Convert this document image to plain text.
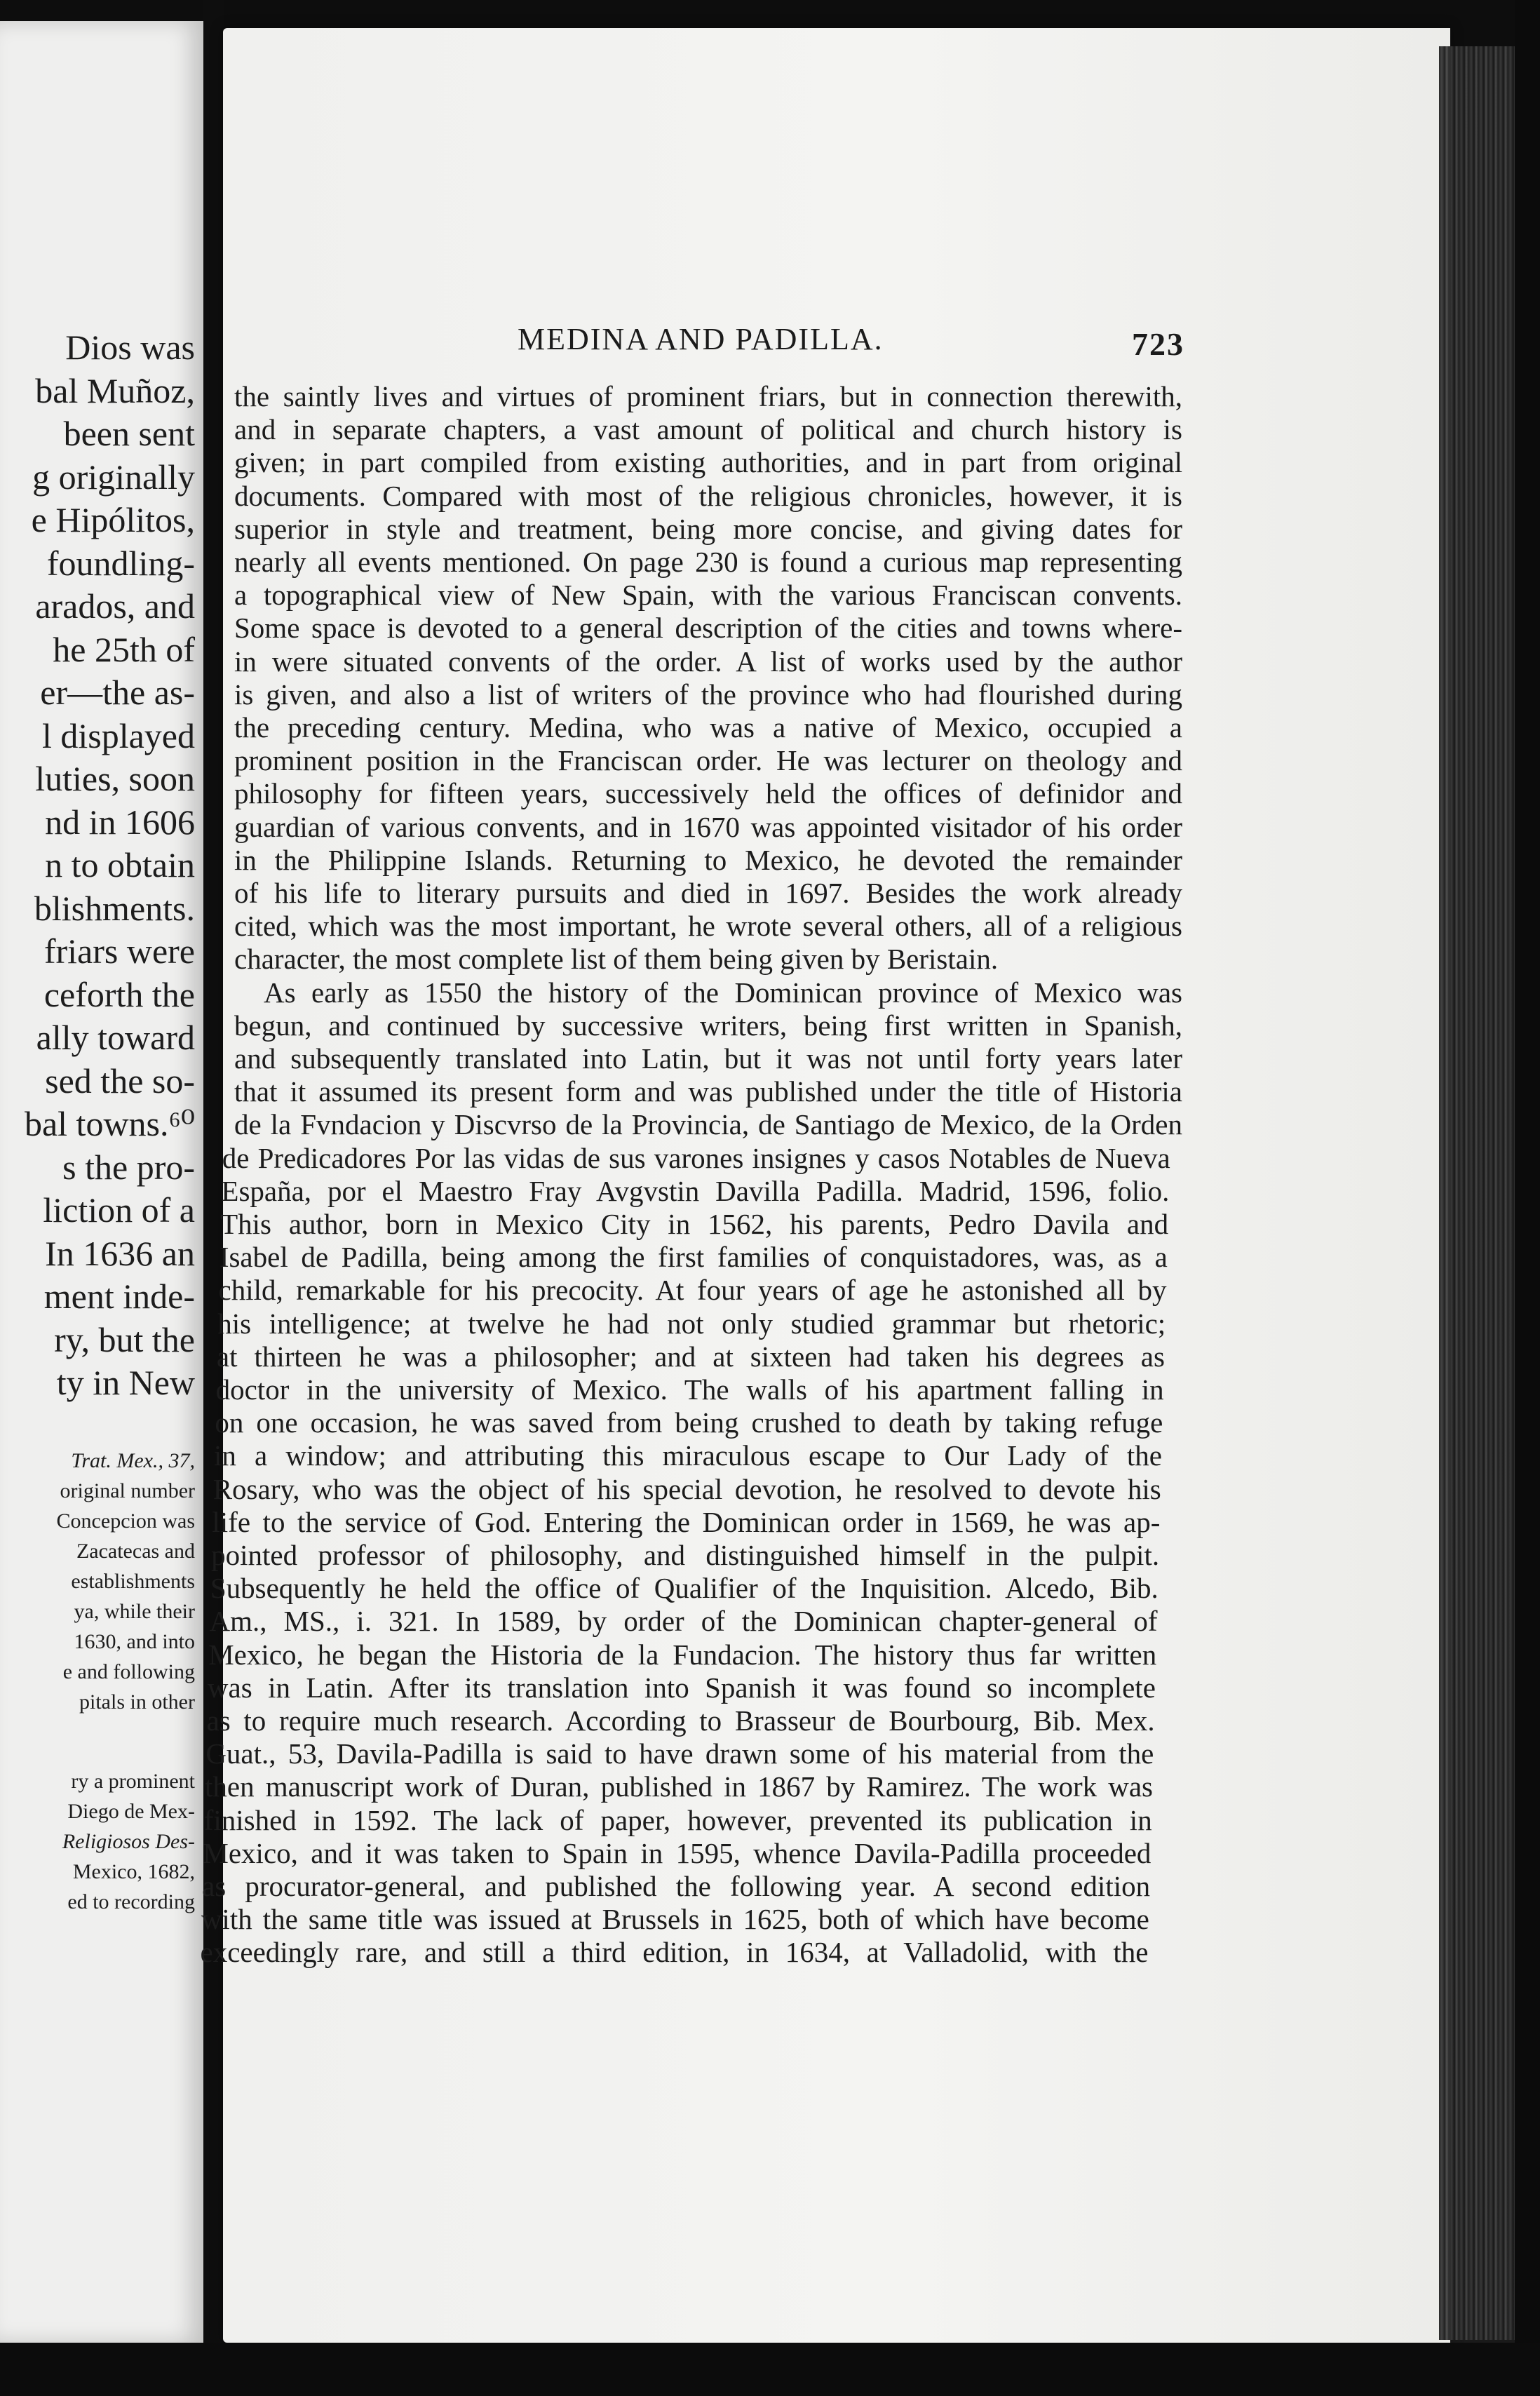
Dios was
bal Muñoz,
been sent
g originally
e Hipólitos,
foundling-
arados, and
he 25th of
er—the as-
l displayed
luties, soon
nd in 1606
n to obtain
blishments.
friars were
ceforth the
ally toward
sed the so-
bal towns.⁶⁰
s the pro-
liction of a
In 1636 an
ment inde-
ry, but the
ty in New
Trat. Mex., 37,
original number
Concepcion was
Zacatecas and
establishments
ya, while their
1630, and into
e and following
pitals in other
ry a prominent
Diego de Mex-
Religiosos Des-
Mexico, 1682,
ed to recording
MEDINA AND PADILLA.	723
the saintly lives and virtues of prominent friars, but in connection therewith,
and in separate chapters, a vast amount of political and church history is
given; in part compiled from existing authorities, and in part from original
documents. Compared with most of the religious chronicles, however, it is
superior in style and treatment, being more concise, and giving dates for
nearly all events mentioned. On page 230 is found a curious map representing
a topographical view of New Spain, with the various Franciscan convents.
Some space is devoted to a general description of the cities and towns where-
in were situated convents of the order. A list of works used by the author
is given, and also a list of writers of the province who had flourished during
the preceding century. Medina, who was a native of Mexico, occupied a
prominent position in the Franciscan order. He was lecturer on theology and
philosophy for fifteen years, successively held the offices of definidor and
guardian of various convents, and in 1670 was appointed visitador of his order
in the Philippine Islands. Returning to Mexico, he devoted the remainder
of his life to literary pursuits and died in 1697. Besides the work already
cited, which was the most important, he wrote several others, all of a religious
character, the most complete list of them being given by Beristain.
As early as 1550 the history of the Dominican province of Mexico was
begun, and continued by successive writers, being first written in Spanish,
and subsequently translated into Latin, but it was not until forty years later
that it assumed its present form and was published under the title of Historia
de la Fvndacion y Discvrso de la Provincia, de Santiago de Mexico, de la Orden
de Predicadores Por las vidas de sus varones insignes y casos Notables de Nueva
España, por el Maestro Fray Avgvstin Davilla Padilla. Madrid, 1596, folio.
This author, born in Mexico City in 1562, his parents, Pedro Davila and
Isabel de Padilla, being among the first families of conquistadores, was, as a
child, remarkable for his precocity. At four years of age he astonished all by
his intelligence; at twelve he had not only studied grammar but rhetoric;
at thirteen he was a philosopher; and at sixteen had taken his degrees as
doctor in the university of Mexico. The walls of his apartment falling in
on one occasion, he was saved from being crushed to death by taking refuge
in a window; and attributing this miraculous escape to Our Lady of the
Rosary, who was the object of his special devotion, he resolved to devote his
life to the service of God. Entering the Dominican order in 1569, he was ap-
pointed professor of philosophy, and distinguished himself in the pulpit.
Subsequently he held the office of Qualifier of the Inquisition. Alcedo, Bib.
Am., MS., i. 321. In 1589, by order of the Dominican chapter-general of
Mexico, he began the Historia de la Fundacion. The history thus far written
was in Latin. After its translation into Spanish it was found so incomplete
as to require much research. According to Brasseur de Bourbourg, Bib. Mex.
Guat., 53, Davila-Padilla is said to have drawn some of his material from the
then manuscript work of Duran, published in 1867 by Ramirez. The work was
finished in 1592. The lack of paper, however, prevented its publication in
Mexico, and it was taken to Spain in 1595, whence Davila-Padilla proceeded
as procurator-general, and published the following year. A second edition
with the same title was issued at Brussels in 1625, both of which have become
exceedingly rare, and still a third edition, in 1634, at Valladolid, with the
